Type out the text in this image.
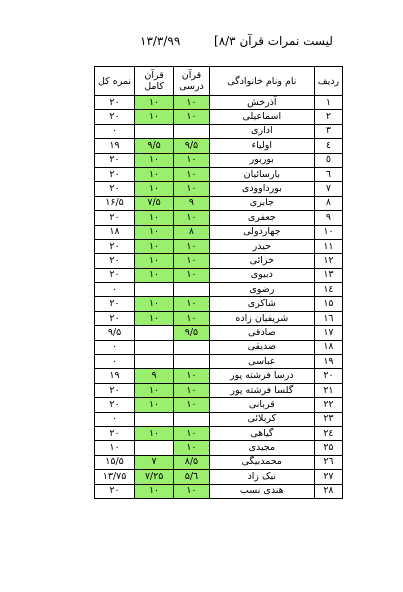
۱۳/۳/۹۹	[لیست نمرات قرآن ۸/۳
ردیف	نام ونام خانوادگی	قرآن درسی	قرآن کامل	نمره کل
۱	آذرخش	۱۰	۱۰	۲۰
۲	اسماعیلی	۱۰	۱۰	۲۰
۳	اداری			۰
٤	اولیاء	۹/۵	۹/۵	۱۹
٥	بوربور	۱۰	۱۰	۲۰
٦	بارسائیان	۱۰	۱۰	۲۰
٧	بورداوودی	۱۰	۱۰	۲۰
۸	جابری	۹	۷/۵	۱۶/۵
۹	جعفری	۱۰	۱۰	۲۰
۱۰	جهاردولی	۸	۱۰	۱۸
۱۱	حیدر	۱۰	۱۰	۲۰
۱۲	خزائی	۱۰	۱۰	۲۰
۱۳	دبیوی	۱۰	۱۰	۲۰
۱٤	رضوی			۰
۱۵	شاکری	۱۰	۱۰	۲۰
۱٦	شریفیان زاده	۱۰	۱۰	۲۰
۱۷	صادقی	۹/۵		۹/۵
۱۸	صدیقی			۰
۱۹	عباسی			۰
۲۰	درسا فرشته پور	۱۰	۹	۱۹
۲۱	گلسا فرشته پور	۱۰	۱۰	۲۰
۲۲	قربانی	۱۰	۱۰	۲۰
۲۳	کربلائی			۰
۲٤	گیاهی	۱۰	۱۰	۲۰
۲۵	مجیدی	۱۰		۱۰
۲٦	محمدبیگی	۸/۵	۷	۱۵/۵
۲۷	نیک زاد	٦/۵	۷/۲۵	۱۳/۷۵
۲۸	هندی نسب	۱۰	۱۰	۲۰
